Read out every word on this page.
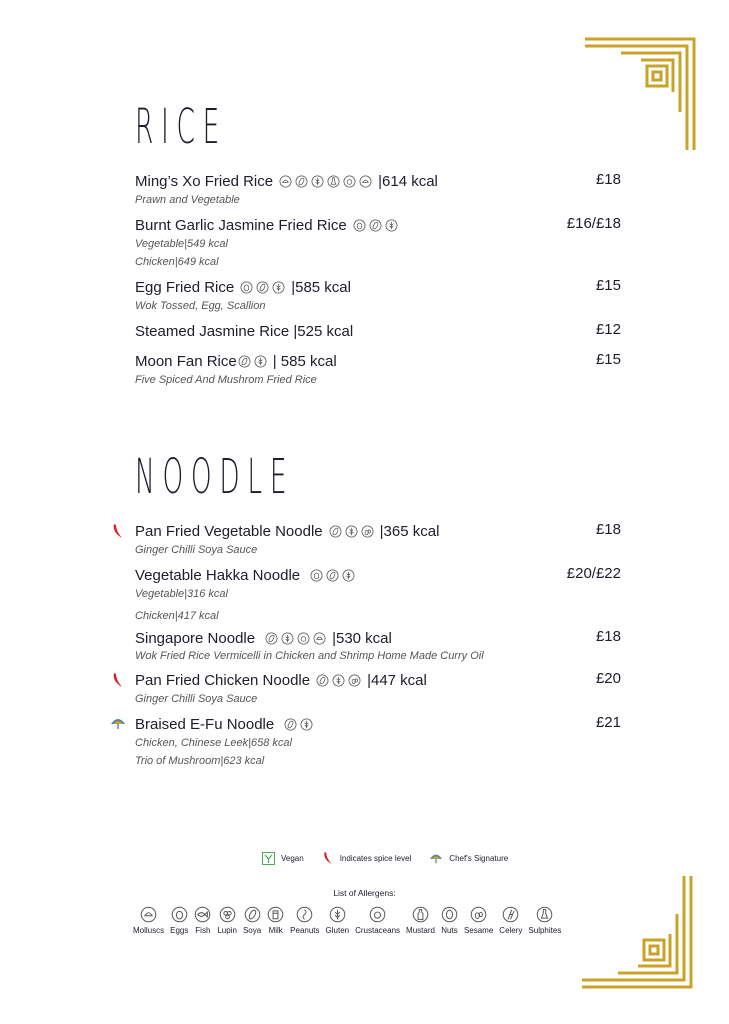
RICE
Ming’s Xo Fried Rice	|614 kcal	£18
Prawn and Vegetable
Burnt Garlic Jasmine Fried Rice	£16/£18
Vegetable|549 kcal
Chicken|649 kcal
Egg Fried Rice	|585 kcal	£15
Wok Tossed, Egg, Scallion
Steamed Jasmine Rice |525 kcal	£12
Moon Fan Rice | 585 kcal	£15
Five Spiced And Mushrom Fried Rice
NOODLE
Pan Fried Vegetable Noodle	|365 kcal	£18
Ginger Chilli Soya Sauce
Vegetable Hakka Noodle	£20/£22
Vegetable|316 kcal
Chicken|417 kcal
Singapore Noodle	|530 kcal	£18
Wok Fried Rice Vermicelli in Chicken and Shrimp Home Made Curry Oil
Pan Fried Chicken Noodle	|447 kcal	£20
Ginger Chilli Soya Sauce
Braised E-Fu Noodle	£21
Chicken, Chinese Leek|658 kcal
Trio of Mushroom|623 kcal
Vegan	Indicates spice level	Chef's Signature
List of Allergens:
Molluscs Eggs Fish Lupin Soya Milk Peanuts Gluten Crustaceans Mustard Nuts Sesame Celery Sulphites
